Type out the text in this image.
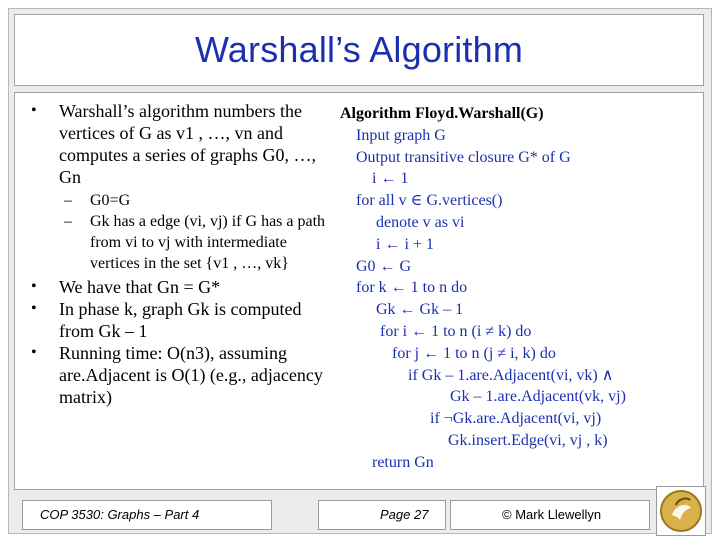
Warshall’s Algorithm
• Warshall’s algorithm numbers the vertices of G as v1 , …, vn and computes a series of graphs G0, …, Gn
– G0=G
– Gk has a edge (vi, vj) if G has a path from vi to vj with intermediate vertices in the set {v1 , …, vk}
• We have that Gn = G*
• In phase k, graph Gk is computed from Gk – 1
• Running time: O(n3), assuming are.Adjacent is O(1) (e.g., adjacency matrix)
Algorithm Floyd.Warshall(G)
Input graph G
Output transitive closure G* of G
i ← 1
for all v ∈ G.vertices()
denote v as vi
i ← i + 1
G0 ← G
for k ← 1 to n do
Gk ← Gk – 1
for i ← 1 to n (i ≠ k) do
for j ← 1 to n (j ≠ i, k) do
if Gk – 1.are.Adjacent(vi, vk) ∧
Gk – 1.are.Adjacent(vk, vj)
if ¬Gk.are.Adjacent(vi, vj)
Gk.insert.Edge(vi, vj , k)
return Gn
COP 3530: Graphs – Part 4	Page 27	© Mark Llewellyn
